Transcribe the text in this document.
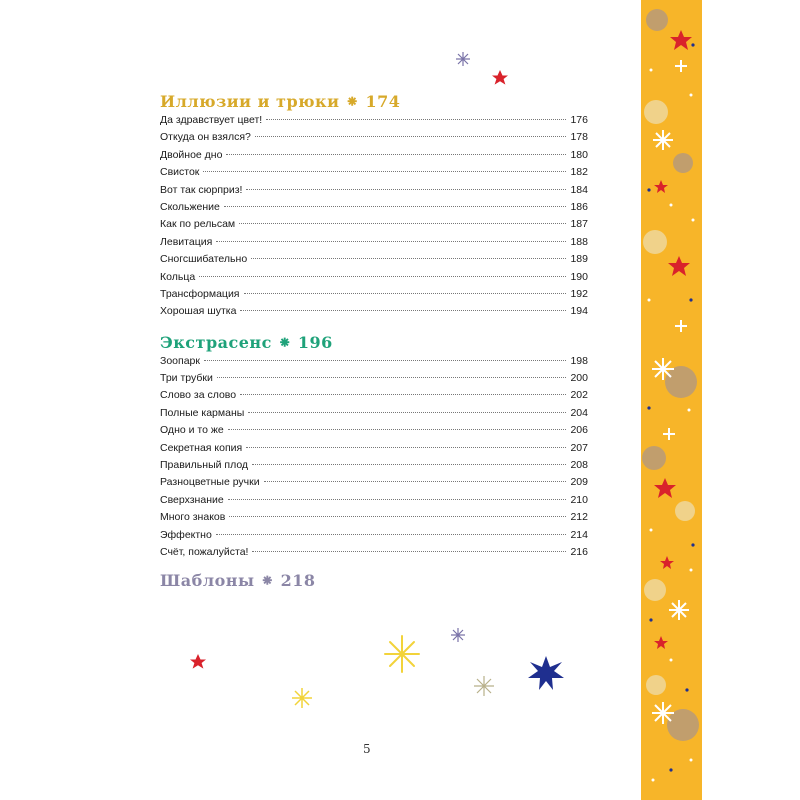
Иллюзии и трюки ⁕ 174
Да здравствует цвет!	176
Откуда он взялся?	178
Двойное дно	180
Свисток	182
Вот так сюрприз!	184
Скольжение	186
Как по рельсам	187
Левитация	188
Сногсшибательно	189
Кольца	190
Трансформация	192
Хорошая шутка	194
Экстрасенс ⁕ 196
Зоопарк	198
Три трубки	200
Слово за слово	202
Полные карманы	204
Одно и то же	206
Секретная копия	207
Правильный плод	208
Разноцветные ручки	209
Сверхзнание	210
Много знаков	212
Эффектно	214
Счёт, пожалуйста!	216
Шаблоны ⁕ 218
5
